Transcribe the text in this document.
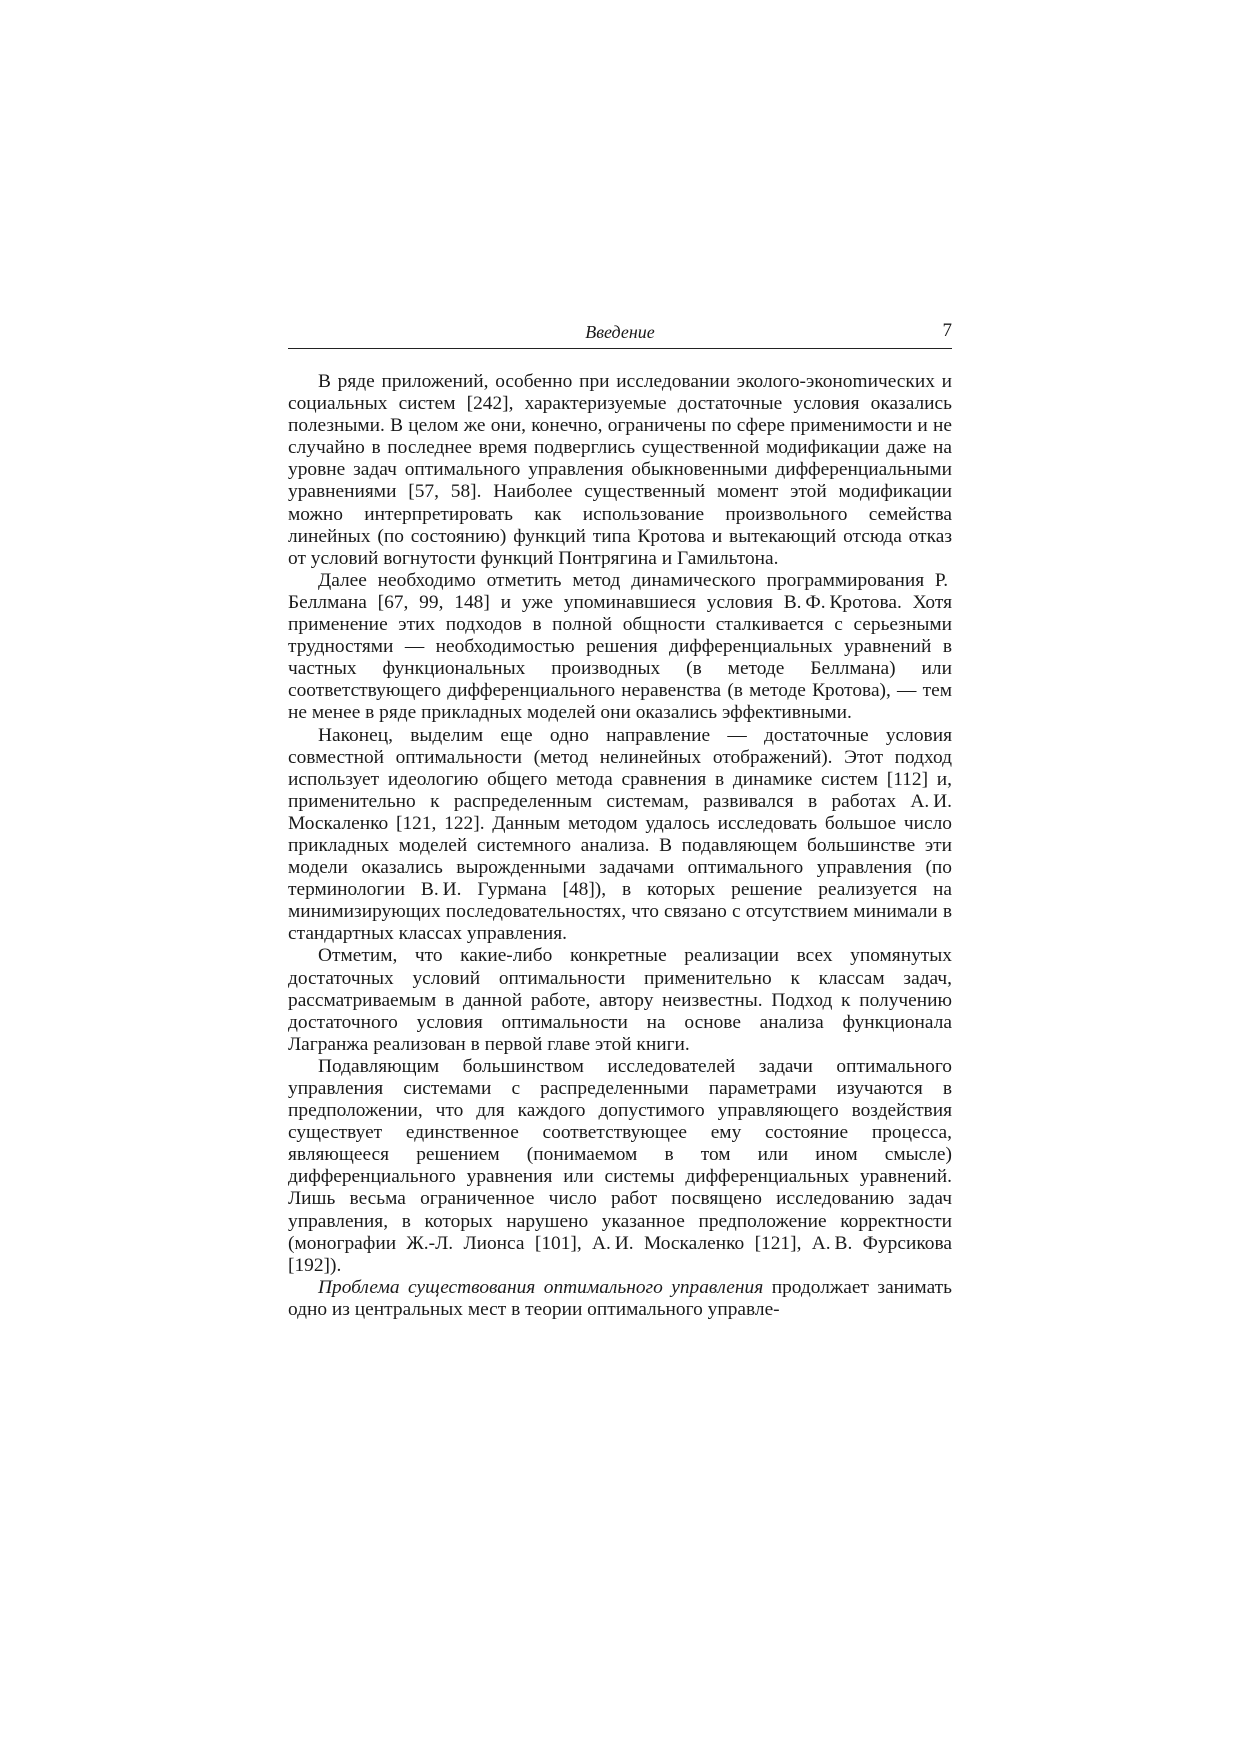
Введение	7

В ряде приложений, особенно при исследовании эколого-эконоmических и социальных систем [242], характеризуемые достаточные условия оказались полезными. В целом же они, конечно, ограничены по сфере применимости и не случайно в последнее время подверглись существенной модификации даже на уровне задач оптимального управления обыкновенными дифференциальными уравнениями [57, 58]. Наиболее существенный момент этой модификации можно интерпретировать как использование произвольного семейства линейных (по состоянию) функций типа Кротова и вытекающий отсюда отказ от условий вогнутости функций Понтрягина и Гамильтона.

Далее необходимо отметить метод динамического программирования Р. Беллмана [67, 99, 148] и уже упоминавшиеся условия В. Ф. Кротова. Хотя применение этих подходов в полной общности сталкивается с серьезными трудностями — необходимостью решения дифференциальных уравнений в частных функциональных производных (в методе Беллмана) или соответствующего дифференциального неравенства (в методе Кротова), — тем не менее в ряде прикладных моделей они оказались эффективными.

Наконец, выделим еще одно направление — достаточные условия совместной оптимальности (метод нелинейных отображений). Этот подход использует идеологию общего метода сравнения в динамике систем [112] и, применительно к распределенным системам, развивался в работах А. И. Москаленко [121, 122]. Данным методом удалось исследовать большое число прикладных моделей системного анализа. В подавляющем большинстве эти модели оказались вырожденными задачами оптимального управления (по терминологии В. И. Гурмана [48]), в которых решение реализуется на минимизирующих последовательностях, что связано с отсутствием минимали в стандартных классах управления.

Отметим, что какие-либо конкретные реализации всех упомянутых достаточных условий оптимальности применительно к классам задач, рассматриваемым в данной работе, автору неизвестны. Подход к получению достаточного условия оптимальности на основе анализа функционала Лагранжа реализован в первой главе этой книги.

Подавляющим большинством исследователей задачи оптимального управления системами с распределенными параметрами изучаются в предположении, что для каждого допустимого управляющего воздействия существует единственное соответствующее ему состояние процесса, являющееся решением (понимаемом в том или ином смысле) дифференциального уравнения или системы дифференциальных уравнений. Лишь весьма ограниченное число работ посвящено исследованию задач управления, в которых нарушено указанное предположение корректности (монографии Ж.-Л. Лионса [101], А. И. Москаленко [121], А. В. Фурсикова [192]).

Проблема существования оптимального управления продолжает занимать одно из центральных мест в теории оптимального управле-
